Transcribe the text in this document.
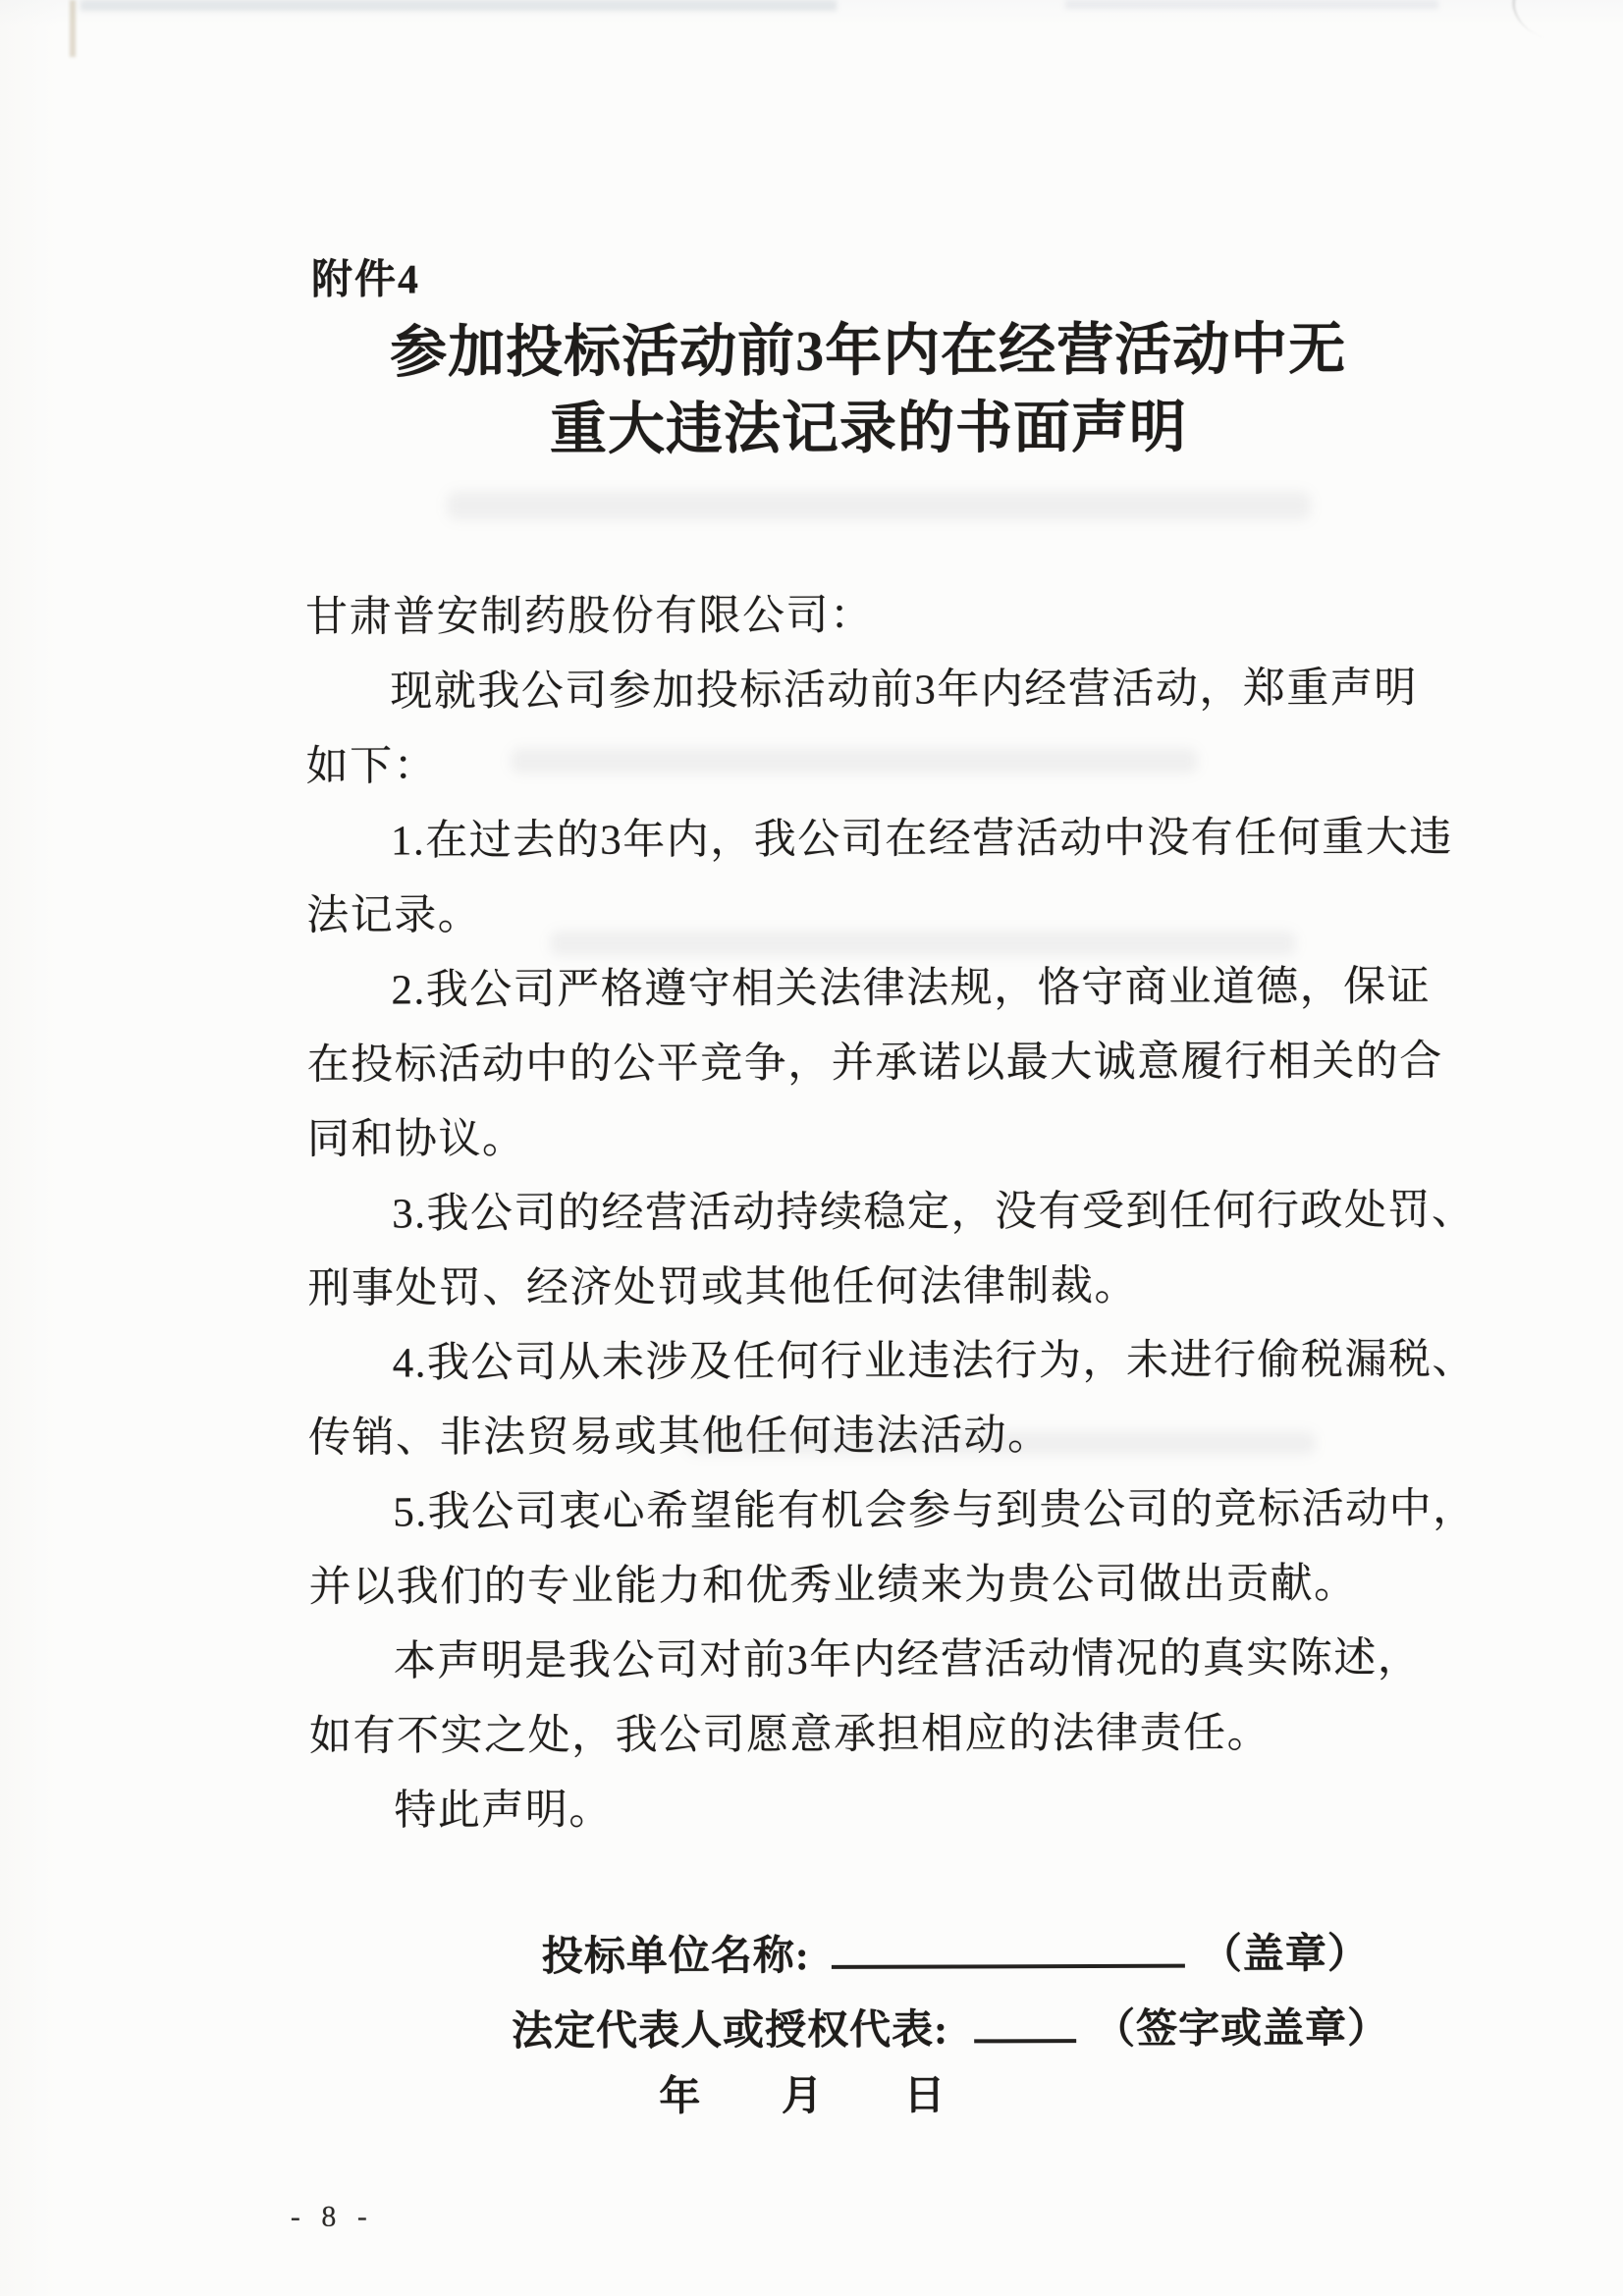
附件4
参加投标活动前3年内在经营活动中无
重大违法记录的书面声明
甘肃普安制药股份有限公司：
现就我公司参加投标活动前3年内经营活动，郑重声明
如下：
1.在过去的3年内，我公司在经营活动中没有任何重大违
法记录。
2.我公司严格遵守相关法律法规，恪守商业道德，保证
在投标活动中的公平竞争，并承诺以最大诚意履行相关的合
同和协议。
3.我公司的经营活动持续稳定，没有受到任何行政处罚、
刑事处罚、经济处罚或其他任何法律制裁。
4.我公司从未涉及任何行业违法行为，未进行偷税漏税、
传销、非法贸易或其他任何违法活动。
5.我公司衷心希望能有机会参与到贵公司的竞标活动中，
并以我们的专业能力和优秀业绩来为贵公司做出贡献。
本声明是我公司对前3年内经营活动情况的真实陈述，
如有不实之处，我公司愿意承担相应的法律责任。
特此声明。
投标单位名称:	（盖章）
法定代表人或授权代表:	（签字或盖章）
年 月 日
- 8 -
